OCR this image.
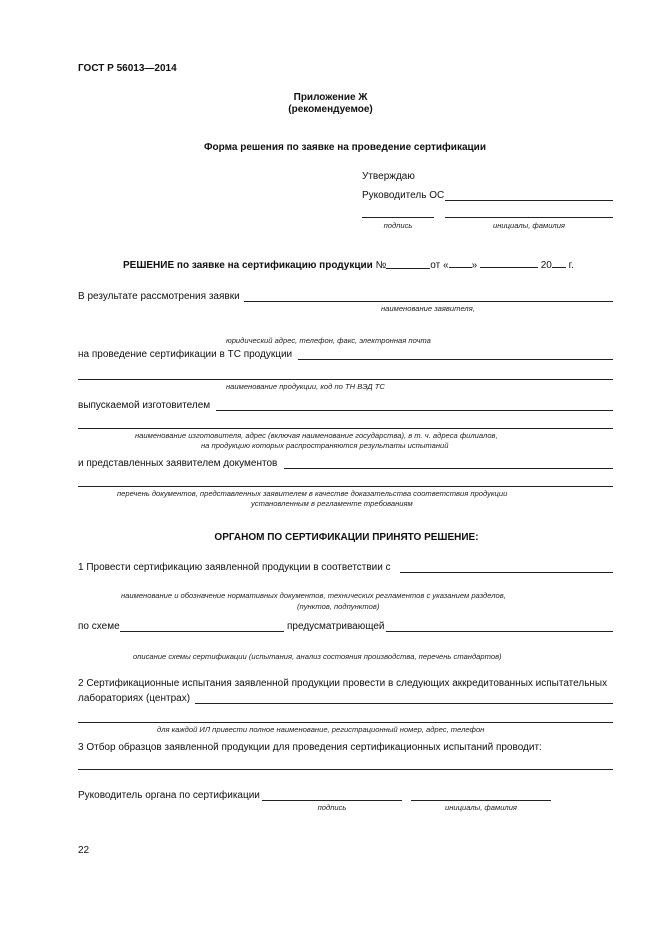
ГОСТ Р 56013—2014
Приложение Ж
(рекомендуемое)
Форма решения по заявке на проведение сертификации
Утверждаю
Руководитель ОС
подпись	инициалы, фамилия
РЕШЕНИЕ по заявке на сертификацию продукции №	от « »	20 г.
В результате рассмотрения заявки
наименование заявителя,
юридический адрес, телефон, факс, электронная почта
на проведение сертификации в ТС продукции
наименование продукции, код по ТН ВЭД ТС
выпускаемой изготовителем
наименование изготовителя, адрес (включая наименование государства), в т. ч. адреса филиалов,
на продукцию которых распространяются результаты испытаний
и представленных заявителем документов
перечень документов, представленных заявителем в качестве доказательства соответствия продукции
установленным в регламенте требованиям
ОРГАНОМ ПО СЕРТИФИКАЦИИ ПРИНЯТО РЕШЕНИЕ:
1 Провести сертификацию заявленной продукции в соответствии с
наименование и обозначение нормативных документов, технических регламентов с указанием разделов,
(пунктов, подпунктов)
по схеме	предусматривающей
описание схемы сертификации (испытания, анализ состояния производства, перечень стандартов)
2 Сертификационные испытания заявленной продукции провести в следующих аккредитованных испытательных
лабораториях (центрах)
для каждой ИЛ привести полное наименование, регистрационный номер, адрес, телефон
3 Отбор образцов заявленной продукции для проведения сертификационных испытаний проводит:
Руководитель органа по сертификации
подпись	инициалы, фамилия
22
